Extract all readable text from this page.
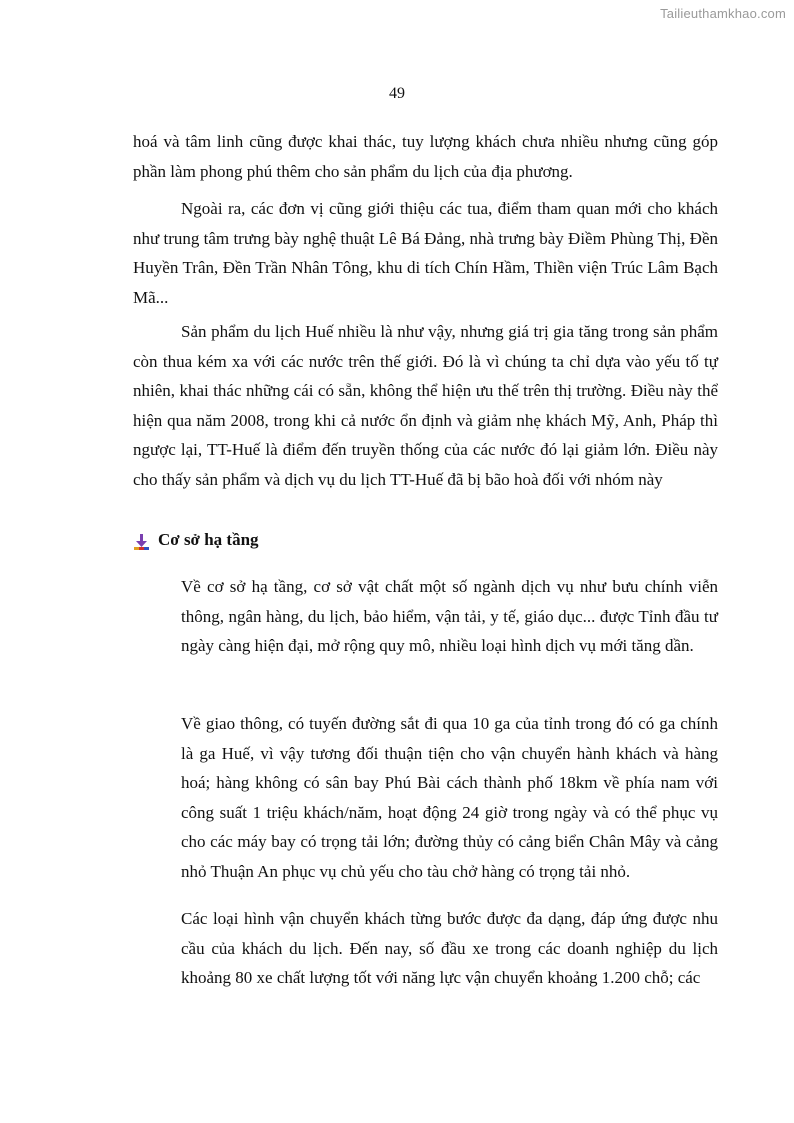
Tailieuthamkhao.com
49

hoá và tâm linh cũng được khai thác, tuy lượng khách chưa nhiều nhưng cũng góp phần làm phong phú thêm cho sản phẩm du lịch của địa phương.

Ngoài ra, các đơn vị cũng giới thiệu các tua, điểm tham quan mới cho khách như trung tâm trưng bày nghệ thuật Lê Bá Đảng, nhà trưng bày Điềm Phùng Thị, Đền Huyền Trân, Đền Trần Nhân Tông, khu di tích Chín Hầm, Thiền viện Trúc Lâm Bạch Mã...

Sản phẩm du lịch Huế nhiều là như vậy, nhưng giá trị gia tăng trong sản phẩm còn thua kém xa với các nước trên thế giới. Đó là vì chúng ta chỉ dựa vào yếu tố tự nhiên, khai thác những cái có sẵn, không thể hiện ưu thế trên thị trường. Điều này thể hiện qua năm 2008, trong khi cả nước ổn định và giảm nhẹ khách Mỹ, Anh, Pháp thì ngược lại, TT-Huế là điểm đến truyền thống của các nước đó lại giảm lớn. Điều này cho thấy sản phẩm và dịch vụ du lịch TT-Huế đã bị bão hoà đối với nhóm này

Cơ sở hạ tầng

Về cơ sở hạ tầng, cơ sở vật chất một số ngành dịch vụ như bưu chính viễn thông, ngân hàng, du lịch, bảo hiểm, vận tải, y tế, giáo dục... được Tỉnh đầu tư ngày càng hiện đại, mở rộng quy mô, nhiều loại hình dịch vụ mới tăng dần.

Về giao thông, có tuyến đường sắt đi qua 10 ga của tỉnh trong đó có ga chính là ga Huế, vì vậy tương đối thuận tiện cho vận chuyển hành khách và hàng hoá; hàng không có sân bay Phú Bài cách thành phố 18km về phía nam với công suất 1 triệu khách/năm, hoạt động 24 giờ trong ngày và có thể phục vụ cho các máy bay có trọng tải lớn; đường thủy có cảng biển Chân Mây và cảng nhỏ Thuận An phục vụ chủ yếu cho tàu chở hàng có trọng tải nhỏ.

Các loại hình vận chuyển khách từng bước được đa dạng, đáp ứng được nhu cầu của khách du lịch. Đến nay, số đầu xe trong các doanh nghiệp du lịch khoảng 80 xe chất lượng tốt với năng lực vận chuyển khoảng 1.200 chỗ; các
